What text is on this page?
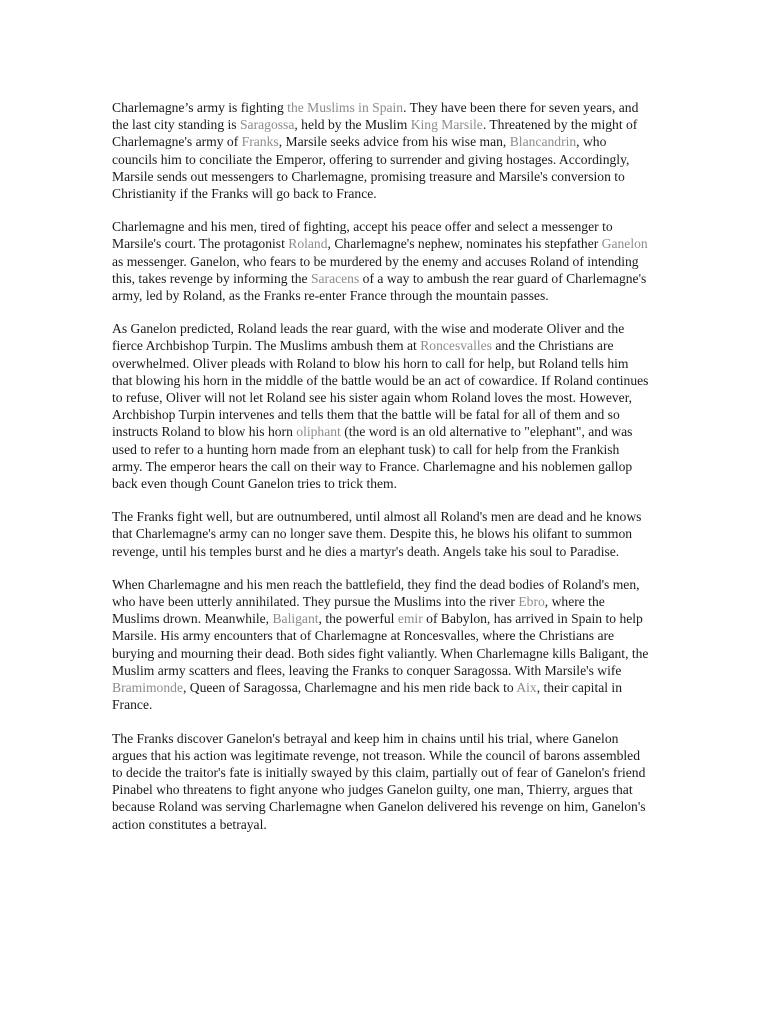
Charlemagne’s army is fighting the Muslims in Spain. They have been there for seven years, and the last city standing is Saragossa, held by the Muslim King Marsile. Threatened by the might of Charlemagne's army of Franks, Marsile seeks advice from his wise man, Blancandrin, who councils him to conciliate the Emperor, offering to surrender and giving hostages. Accordingly, Marsile sends out messengers to Charlemagne, promising treasure and Marsile's conversion to Christianity if the Franks will go back to France.

Charlemagne and his men, tired of fighting, accept his peace offer and select a messenger to Marsile's court. The protagonist Roland, Charlemagne's nephew, nominates his stepfather Ganelon as messenger. Ganelon, who fears to be murdered by the enemy and accuses Roland of intending this, takes revenge by informing the Saracens of a way to ambush the rear guard of Charlemagne's army, led by Roland, as the Franks re-enter France through the mountain passes.

As Ganelon predicted, Roland leads the rear guard, with the wise and moderate Oliver and the fierce Archbishop Turpin. The Muslims ambush them at Roncesvalles and the Christians are overwhelmed. Oliver pleads with Roland to blow his horn to call for help, but Roland tells him that blowing his horn in the middle of the battle would be an act of cowardice. If Roland continues to refuse, Oliver will not let Roland see his sister again whom Roland loves the most. However, Archbishop Turpin intervenes and tells them that the battle will be fatal for all of them and so instructs Roland to blow his horn oliphant (the word is an old alternative to "elephant", and was used to refer to a hunting horn made from an elephant tusk) to call for help from the Frankish army. The emperor hears the call on their way to France. Charlemagne and his noblemen gallop back even though Count Ganelon tries to trick them.

The Franks fight well, but are outnumbered, until almost all Roland's men are dead and he knows that Charlemagne's army can no longer save them. Despite this, he blows his olifant to summon revenge, until his temples burst and he dies a martyr's death. Angels take his soul to Paradise.

When Charlemagne and his men reach the battlefield, they find the dead bodies of Roland's men, who have been utterly annihilated. They pursue the Muslims into the river Ebro, where the Muslims drown. Meanwhile, Baligant, the powerful emir of Babylon, has arrived in Spain to help Marsile. His army encounters that of Charlemagne at Roncesvalles, where the Christians are burying and mourning their dead. Both sides fight valiantly. When Charlemagne kills Baligant, the Muslim army scatters and flees, leaving the Franks to conquer Saragossa. With Marsile's wife Bramimonde, Queen of Saragossa, Charlemagne and his men ride back to Aix, their capital in France.

The Franks discover Ganelon's betrayal and keep him in chains until his trial, where Ganelon argues that his action was legitimate revenge, not treason. While the council of barons assembled to decide the traitor's fate is initially swayed by this claim, partially out of fear of Ganelon's friend Pinabel who threatens to fight anyone who judges Ganelon guilty, one man, Thierry, argues that because Roland was serving Charlemagne when Ganelon delivered his revenge on him, Ganelon's action constitutes a betrayal.
